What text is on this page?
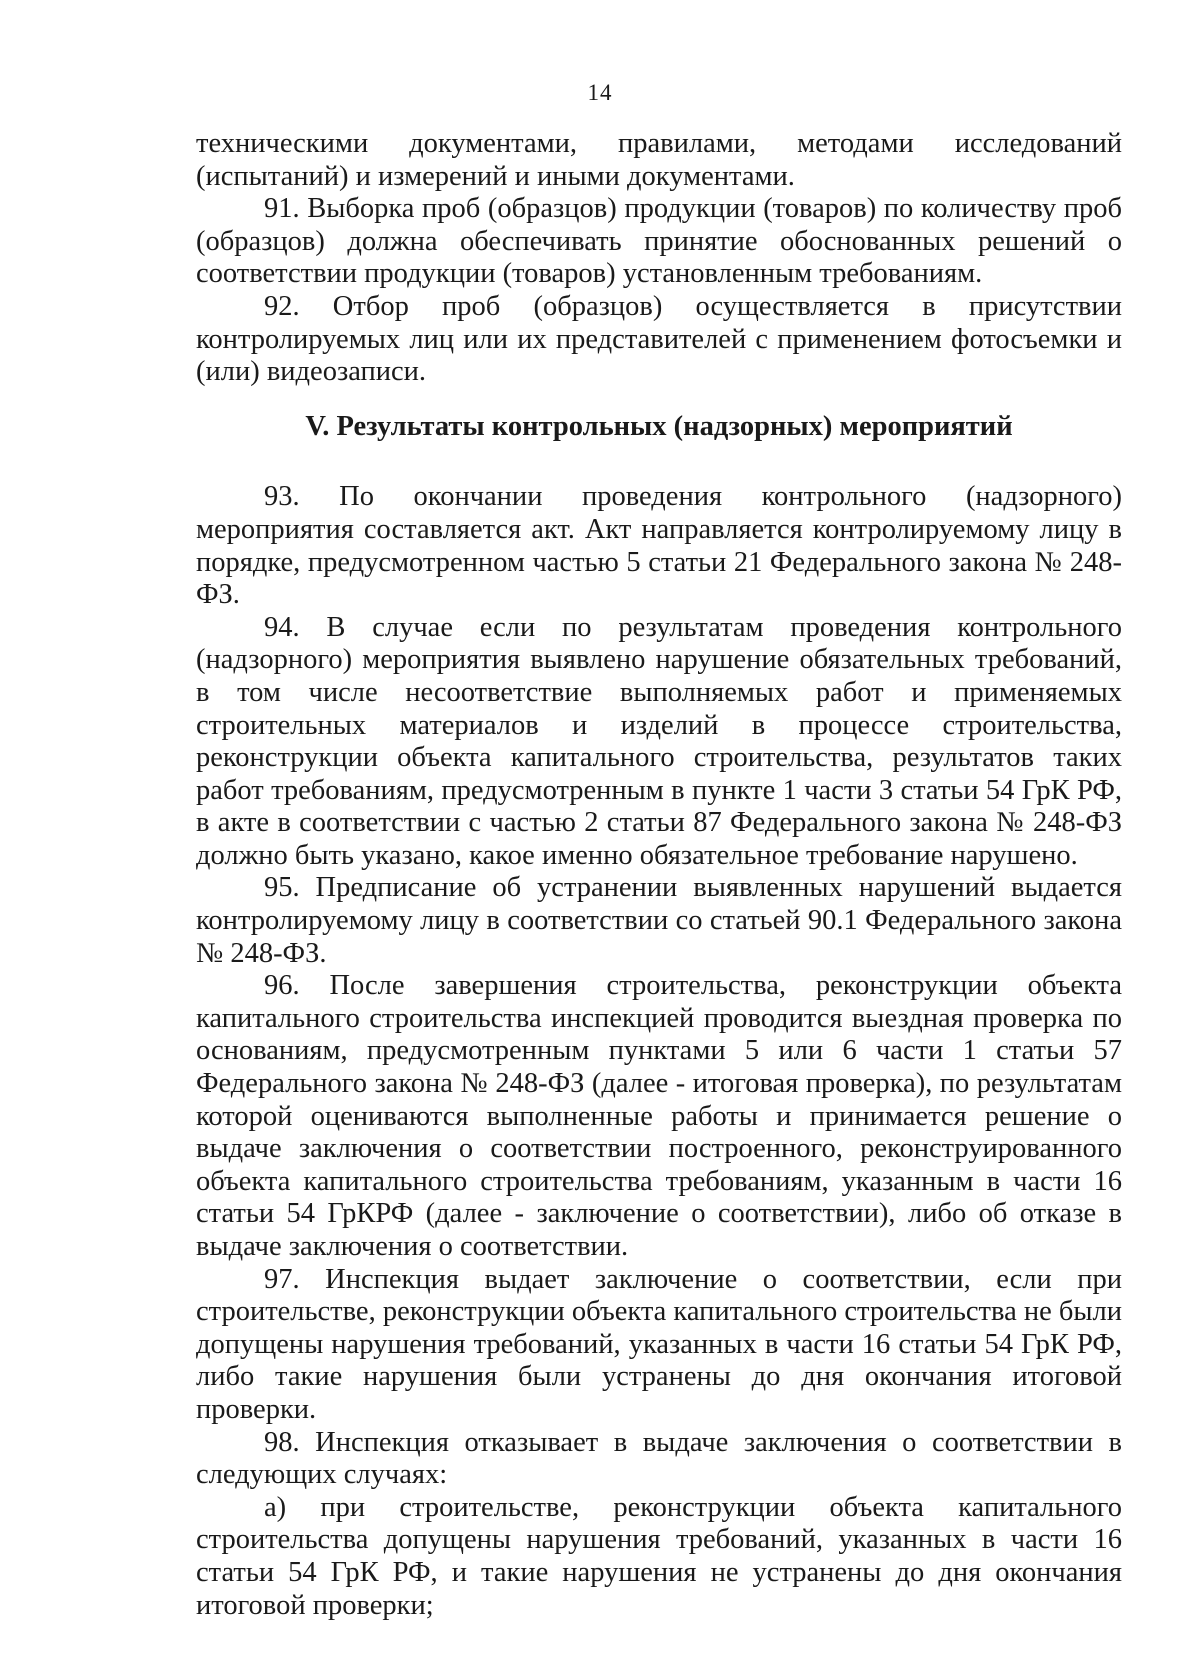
14

техническими документами, правилами, методами исследований (испытаний) и измерений и иными документами.

91. Выборка проб (образцов) продукции (товаров) по количеству проб (образцов) должна обеспечивать принятие обоснованных решений о соответствии продукции (товаров) установленным требованиям.

92. Отбор проб (образцов) осуществляется в присутствии контролируемых лиц или их представителей с применением фотосъемки и (или) видеозаписи.

V. Результаты контрольных (надзорных) мероприятий

93. По окончании проведения контрольного (надзорного) мероприятия составляется акт. Акт направляется контролируемому лицу в порядке, предусмотренном частью 5 статьи 21 Федерального закона № 248-ФЗ.

94. В случае если по результатам проведения контрольного (надзорного) мероприятия выявлено нарушение обязательных требований, в том числе несоответствие выполняемых работ и применяемых строительных материалов и изделий в процессе строительства, реконструкции объекта капитального строительства, результатов таких работ требованиям, предусмотренным в пункте 1 части 3 статьи 54 ГрК РФ, в акте в соответствии с частью 2 статьи 87 Федерального закона № 248-ФЗ должно быть указано, какое именно обязательное требование нарушено.

95. Предписание об устранении выявленных нарушений выдается контролируемому лицу в соответствии со статьей 90.1 Федерального закона № 248-ФЗ.

96. После завершения строительства, реконструкции объекта капитального строительства инспекцией проводится выездная проверка по основаниям, предусмотренным пунктами 5 или 6 части 1 статьи 57 Федерального закона № 248-ФЗ (далее - итоговая проверка), по результатам которой оцениваются выполненные работы и принимается решение о выдаче заключения о соответствии построенного, реконструированного объекта капитального строительства требованиям, указанным в части 16 статьи 54 ГрКРФ (далее - заключение о соответствии), либо об отказе в выдаче заключения о соответствии.

97. Инспекция выдает заключение о соответствии, если при строительстве, реконструкции объекта капитального строительства не были допущены нарушения требований, указанных в части 16 статьи 54 ГрК РФ, либо такие нарушения были устранены до дня окончания итоговой проверки.

98. Инспекция отказывает в выдаче заключения о соответствии в следующих случаях:

а) при строительстве, реконструкции объекта капитального строительства допущены нарушения требований, указанных в части 16 статьи 54 ГрК РФ, и такие нарушения не устранены до дня окончания итоговой проверки;
